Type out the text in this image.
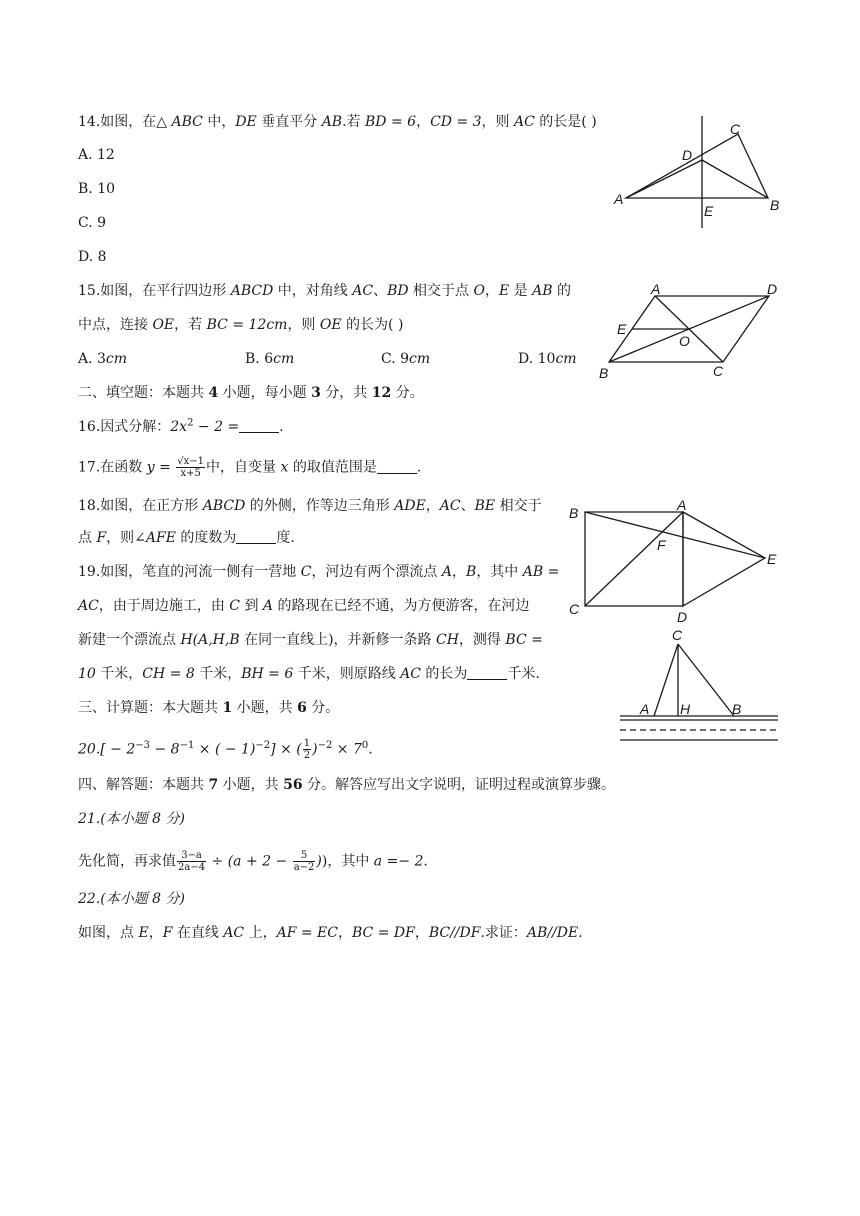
14.如图，在△ ABC 中，DE 垂直平分 AB.若 BD = 6，CD = 3，则 AC 的长是( )
A. 12
B. 10
C. 9
D. 8
C
D
A
E	B
15.如图，在平行四边形 ABCD 中，对角线 AC、BD 相交于点 O，E 是 AB 的
中点，连接 OE，若 BC = 12cm，则 OE 的长为( )
A. 3cm	B. 6cm	C. 9cm	D. 10cm
A	D
E
O
B	C
二、填空题：本题共 4 小题，每小题 3 分，共 12 分。
16.因式分解：$2x^2 - 2$ =	.
17.在函数 $y = \frac{√x-1}{x+5}$ 中，自变量 x 的取值范围是	.
18.如图，在正方形 ABCD 的外侧，作等边三角形 ADE，AC、BE 相交于
点 F，则∠AFE 的度数为	度.
B	A
F
E
C	D
19.如图，笔直的河流一侧有一营地 C，河边有两个漂流点 A，B，其中 AB =
AC，由于周边施工，由 C 到 A 的路现在已经不通，为方便游客，在河边
新建一个漂流点 H(A,H,B 在同一直线上)，并新修一条路 CH，测得 BC =
10 千米，CH = 8 千米，BH = 6 千米，则原路线 AC 的长为	千米.
C
A H	B
三、计算题：本大题共 1 小题，共 6 分。
$20.[ - 2^{-3} - 8^{-1}$ × ( − 1)$^{-2}$] × ( $\frac{1}{2} )^{-2} \times 7^0$.
四、解答题：本题共 7 小题，共 56 分。解答应写出文字说明，证明过程或演算步骤。
21.(本小题 8 分)
先化简，再求值 $\frac{3-a}{2a-4} \div (a + 2 - \frac{5}{a-2}$ ))，其中 a =− 2.
22.(本小题 8 分)
如图，点 E，F 在直线 AC 上，AF = EC，BC = DF，BC//DF.求证：AB//DE.
